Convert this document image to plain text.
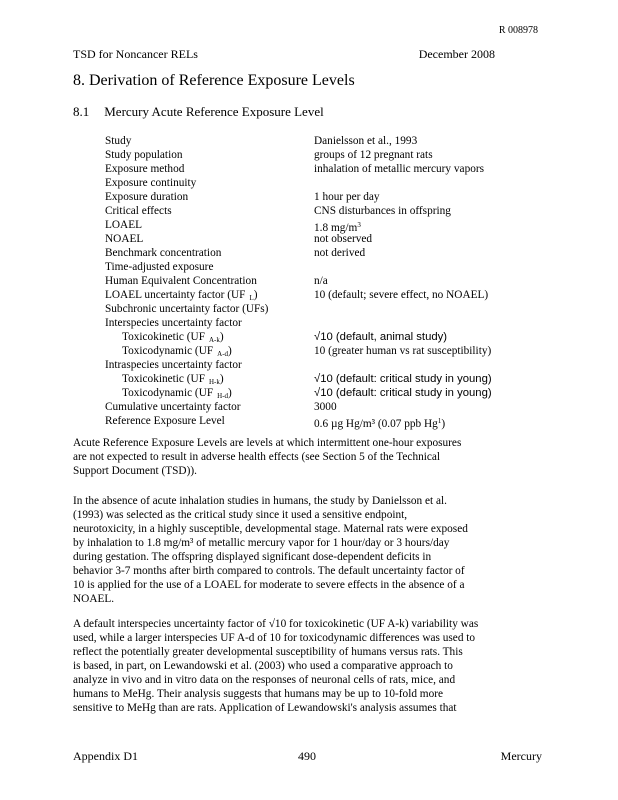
R 008978
TSD for Noncancer RELs	December 2008
8. Derivation of Reference Exposure Levels
8.1 Mercury Acute Reference Exposure Level
Study	Danielsson et al., 1993
Study population	groups of 12 pregnant rats
Exposure method	inhalation of metallic mercury vapors
Exposure continuity
Exposure duration	1 hour per day
Critical effects	CNS disturbances in offspring
LOAEL	1.8 $mg/m^3$
NOAEL	not observed
Benchmark concentration	not derived
Time-adjusted exposure
Human Equivalent Concentration	n/a
LOAEL uncertainty factor (UF $_L$)	10 (default; severe effect, no NOAEL)
Subchronic uncertainty factor (UFs)
Interspecies uncertainty factor
Toxicokinetic (UF $_{A-k}$)	√10 (default, animal study)
Toxicodynamic (UF $_{A-d}$)	10 (greater human vs rat susceptibility)
Intraspecies uncertainty factor
Toxicokinetic (UF $_{H-k}$)	√10 (default: critical study in young)
Toxicodynamic (UF $_{H-d}$)	√10 (default: critical study in young)
Cumulative uncertainty factor	3000
Reference Exposure Level	0.6 µg Hg/m³ (0.07 ppb Hg$^1$)
Acute Reference Exposure Levels are levels at which intermittent one-hour exposures
are not expected to result in adverse health effects (see Section 5 of the Technical
Support Document (TSD)).
In the absence of acute inhalation studies in humans, the study by Danielsson et al.
(1993) was selected as the critical study since it used a sensitive endpoint,
neurotoxicity, in a highly susceptible, developmental stage. Maternal rats were exposed
by inhalation to 1.8 mg/m³ of metallic mercury vapor for 1 hour/day or 3 hours/day
during gestation. The offspring displayed significant dose-dependent deficits in
behavior 3-7 months after birth compared to controls. The default uncertainty factor of
10 is applied for the use of a LOAEL for moderate to severe effects in the absence of a
NOAEL.
A default interspecies uncertainty factor of √10 for toxicokinetic (UF A-k) variability was
used, while a larger interspecies UF A-d of 10 for toxicodynamic differences was used to
reflect the potentially greater developmental susceptibility of humans versus rats. This
is based, in part, on Lewandowski et al. (2003) who used a comparative approach to
analyze in vivo and in vitro data on the responses of neuronal cells of rats, mice, and
humans to MeHg. Their analysis suggests that humans may be up to 10-fold more
sensitive to MeHg than are rats. Application of Lewandowski's analysis assumes that
Appendix D1	490	Mercury
